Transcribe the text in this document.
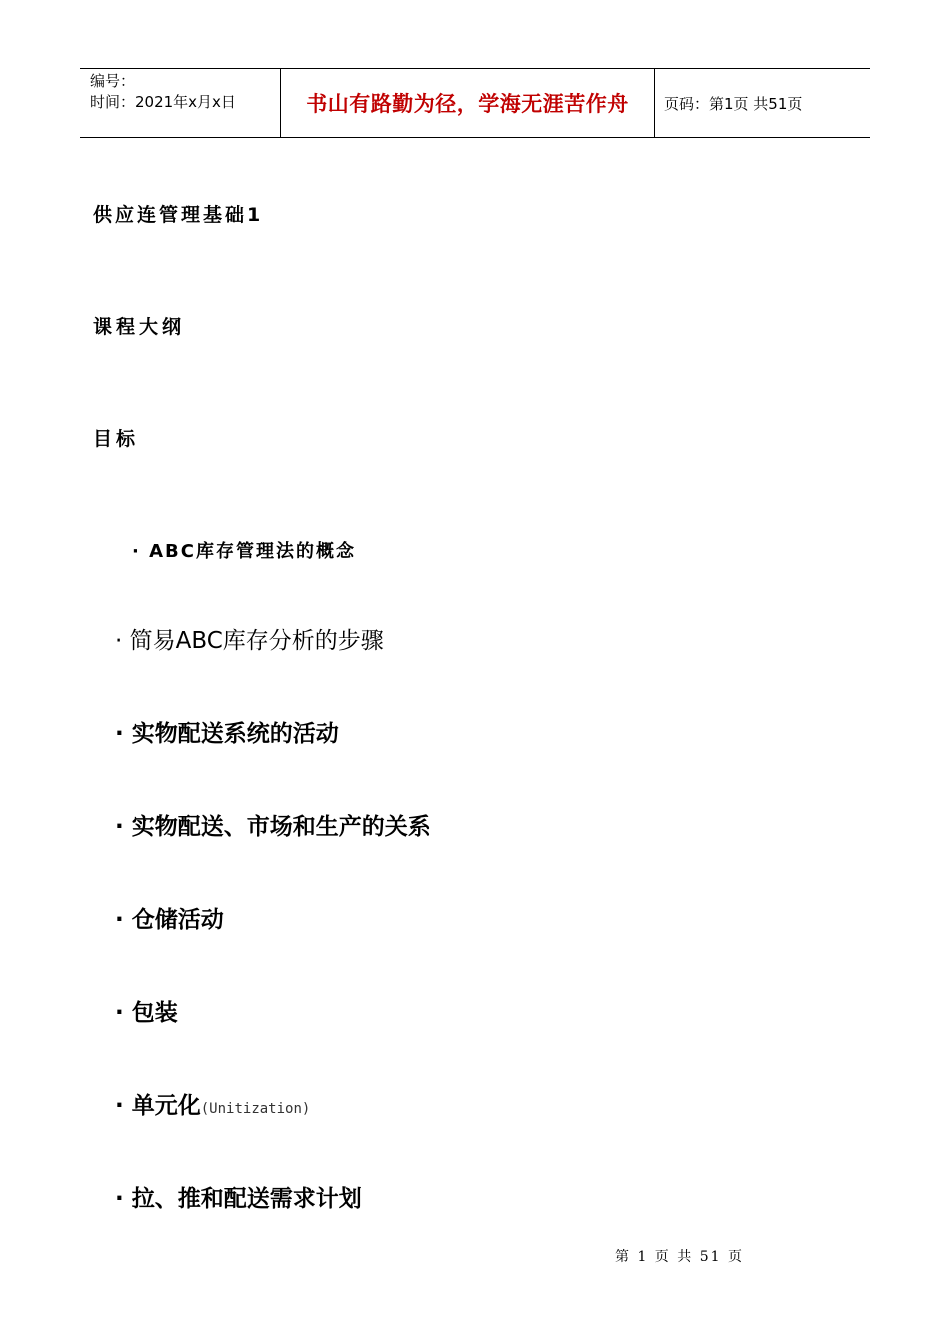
编号：
时间：2021年x月x日	书山有路勤为径，学海无涯苦作舟	页码：第1页 共51页
供应连管理基础1
课程大纲
目标
· ABC库存管理法的概念
· 简易ABC库存分析的步骤
· 实物配送系统的活动
· 实物配送、市场和生产的关系
· 仓储活动
· 包装
· 单元化(Unitization)
· 拉、推和配送需求计划
第 1 页 共 51 页
